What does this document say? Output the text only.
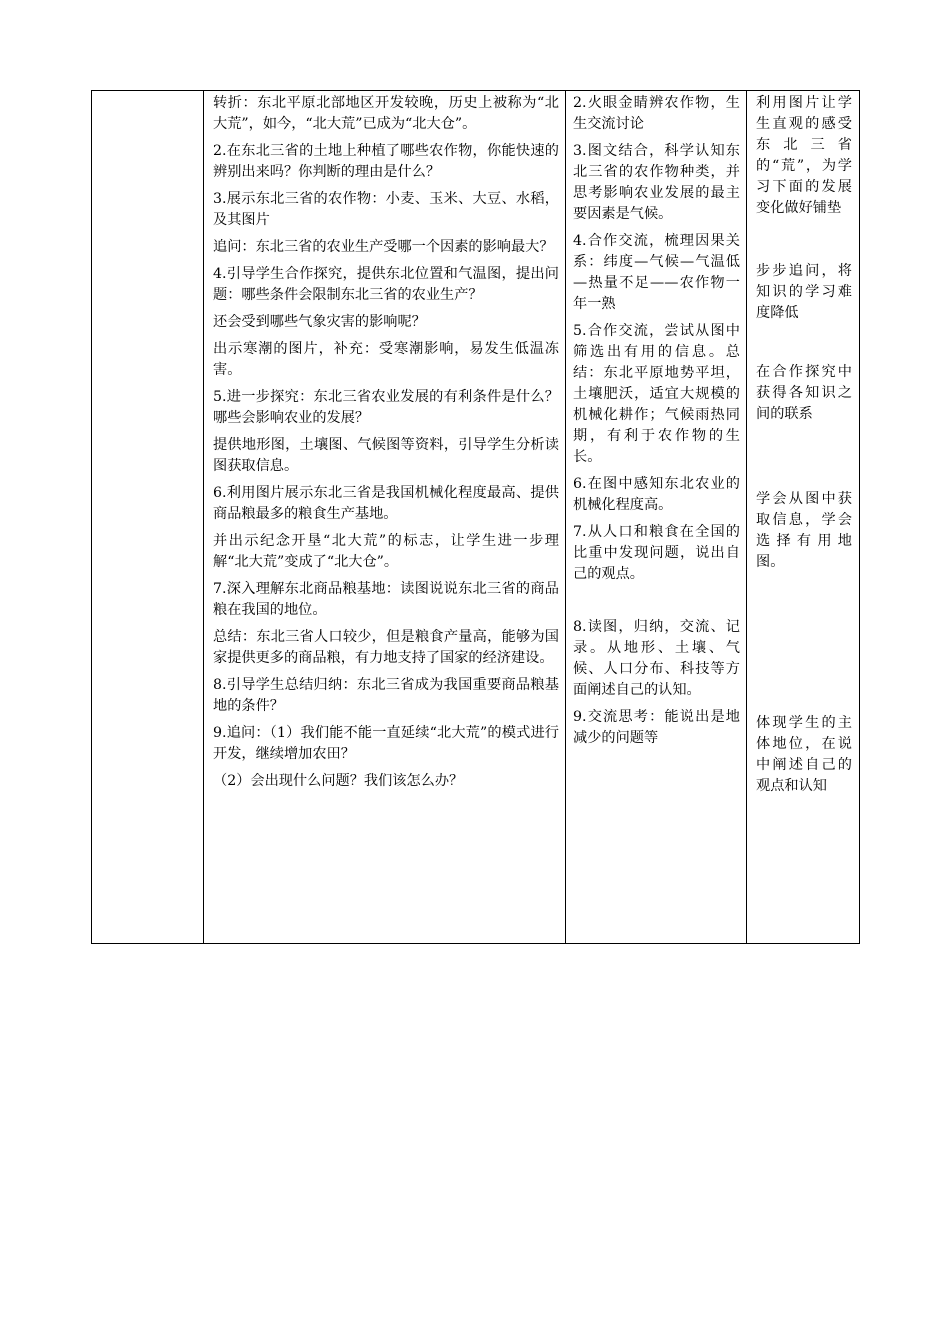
转折：东北平原北部地区开发较晚，历史上被称为“北大荒”，如今，“北大荒”已成为“北大仓”。

2.在东北三省的土地上种植了哪些农作物，你能快速的辨别出来吗？你判断的理由是什么？

3.展示东北三省的农作物：小麦、玉米、大豆、水稻，及其图片

追问：东北三省的农业生产受哪一个因素的影响最大？

4.引导学生合作探究，提供东北位置和气温图，提出问题：哪些条件会限制东北三省的农业生产？

还会受到哪些气象灾害的影响呢？

出示寒潮的图片，补充：受寒潮影响，易发生低温冻害。

5.进一步探究：东北三省农业发展的有利条件是什么？哪些会影响农业的发展？

提供地形图，土壤图、气候图等资料，引导学生分析读图获取信息。

6.利用图片展示东北三省是我国机械化程度最高、提供商品粮最多的粮食生产基地。

并出示纪念开垦“北大荒”的标志，让学生进一步理解“北大荒”变成了“北大仓”。

7.深入理解东北商品粮基地：读图说说东北三省的商品粮在我国的地位。

总结：东北三省人口较少，但是粮食产量高，能够为国家提供更多的商品粮，有力地支持了国家的经济建设。

8.引导学生总结归纳：东北三省成为我国重要商品粮基地的条件？

9.追问：（1）我们能不能一直延续“北大荒”的模式进行开发，继续增加农田？

（2）会出现什么问题？我们该怎么办？

2.火眼金睛辨农作物，生生交流讨论

3.图文结合，科学认知东北三省的农作物种类，并思考影响农业发展的最主要因素是气候。

4.合作交流，梳理因果关系：纬度—气候—气温低—热量不足——农作物一年一熟

5.合作交流，尝试从图中筛选出有用的信息。总结：东北平原地势平坦，土壤肥沃，适宜大规模的机械化耕作；气候雨热同期，有利于农作物的生长。

6.在图中感知东北农业的机械化程度高。

7.从人口和粮食在全国的比重中发现问题，说出自己的观点。

8.读图，归纳，交流、记录。从地形、土壤、气候、人口分布、科技等方面阐述自己的认知。

9.交流思考：能说出是地减少的问题等

利用图片让学生直观的感受东北三省的“荒”，为学习下面的发展变化做好铺垫

步步追问，将知识的学习难度降低

在合作探究中获得各知识之间的联系

学会从图中获取信息，学会选择有用地图。

体现学生的主体地位，在说中阐述自己的观点和认知
